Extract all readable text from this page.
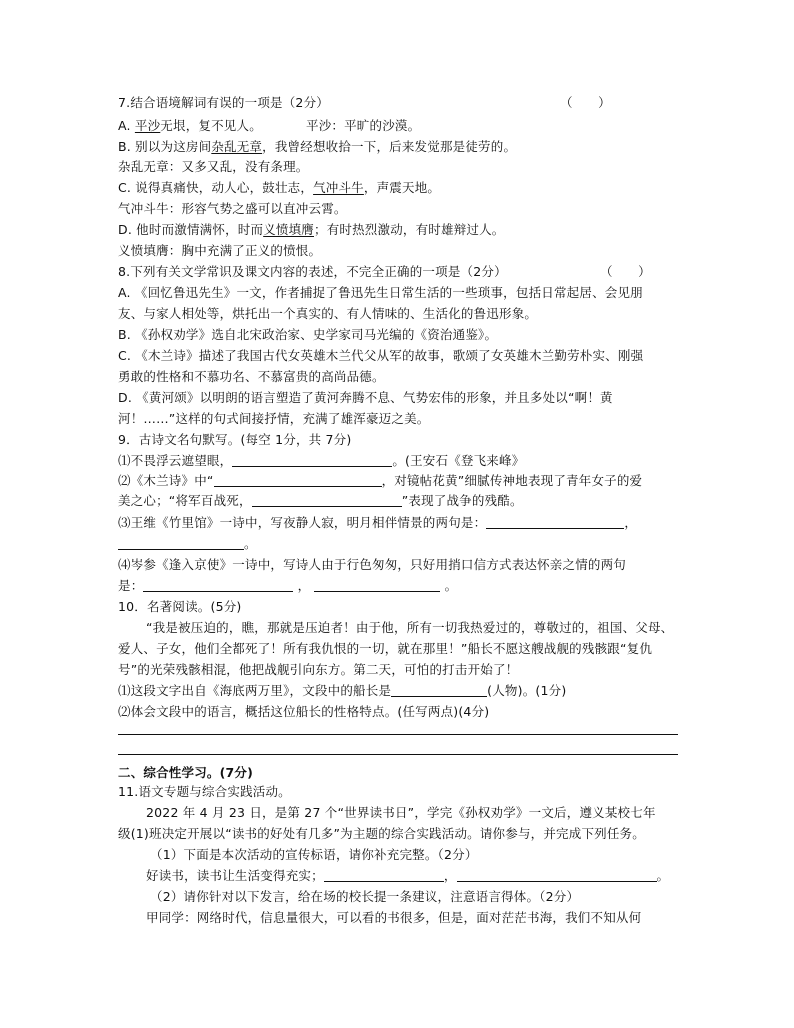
7.结合语境解词有误的一项是（2分）	（　　）
A. 平沙无垠，复不见人。	平沙：平旷的沙漠。
B. 别以为这房间杂乱无章，我曾经想收拾一下，后来发觉那是徒劳的。
杂乱无章：又多又乱，没有条理。
C. 说得真痛快，动人心，鼓壮志，气冲斗牛，声震天地。
气冲斗牛：形容气势之盛可以直冲云霄。
D. 他时而激情满怀，时而义愤填膺；有时热烈激动，有时雄辩过人。
义愤填膺：胸中充满了正义的愤恨。
8.下列有关文学常识及课文内容的表述，不完全正确的一项是（2分）	（　　）
A. 《回忆鲁迅先生》一文，作者捕捉了鲁迅先生日常生活的一些琐事，包括日常起居、会见朋
友、与家人相处等，烘托出一个真实的、有人情味的、生活化的鲁迅形象。
B. 《孙权劝学》选自北宋政治家、史学家司马光编的《资治通鉴》。
C. 《木兰诗》描述了我国古代女英雄木兰代父从军的故事，歌颂了女英雄木兰勤劳朴实、刚强
勇敢的性格和不慕功名、不慕富贵的高尚品德。
D. 《黄河颂》以明朗的语言塑造了黄河奔腾不息、气势宏伟的形象，并且多处以“啊！黄
河！……”这样的句式间接抒情，充满了雄浑豪迈之美。
9．古诗文名句默写。(每空 1分，共 7分)
⑴不畏浮云遮望眼，	。(王安石《登飞来峰》
⑵《木兰诗》中“	，对镜帖花黄”细腻传神地表现了青年女子的爱
美之心；“将军百战死，	”表现了战争的残酷。
⑶王维《竹里馆》一诗中，写夜静人寂，明月相伴情景的两句是：	，
。
⑷岑参《逢入京使》一诗中，写诗人由于行色匆匆，只好用捎口信方式表达怀亲之情的两句
是：	，	。
10．名著阅读。(5分)
“我是被压迫的，瞧，那就是压迫者！由于他，所有一切我热爱过的，尊敬过的，祖国、父母、
爱人、子女，他们全都死了！所有我仇恨的一切，就在那里！”船长不愿这艘战舰的残骸跟“复仇
号”的光荣残骸相混，他把战舰引向东方。第二天，可怕的打击开始了！
⑴这段文字出自《海底两万里》，文段中的船长是	(人物)。(1分)
⑵体会文段中的语言，概括这位船长的性格特点。(任写两点)(4分)
二、综合性学习。(7分)
11.语文专题与综合实践活动。
2022 年 4 月 23 日，是第 27 个“世界读书日”，学完《孙权劝学》一文后，遵义某校七年
级(1)班决定开展以“读书的好处有几多”为主题的综合实践活动。请你参与，并完成下列任务。
（1）下面是本次活动的宣传标语，请你补充完整。（2分）
好读书，读书让生活变得充实；	，	。
（2）请你针对以下发言，给在场的校长提一条建议，注意语言得体。（2分）
甲同学：网络时代，信息量很大，可以看的书很多，但是，面对茫茫书海，我们不知从何
